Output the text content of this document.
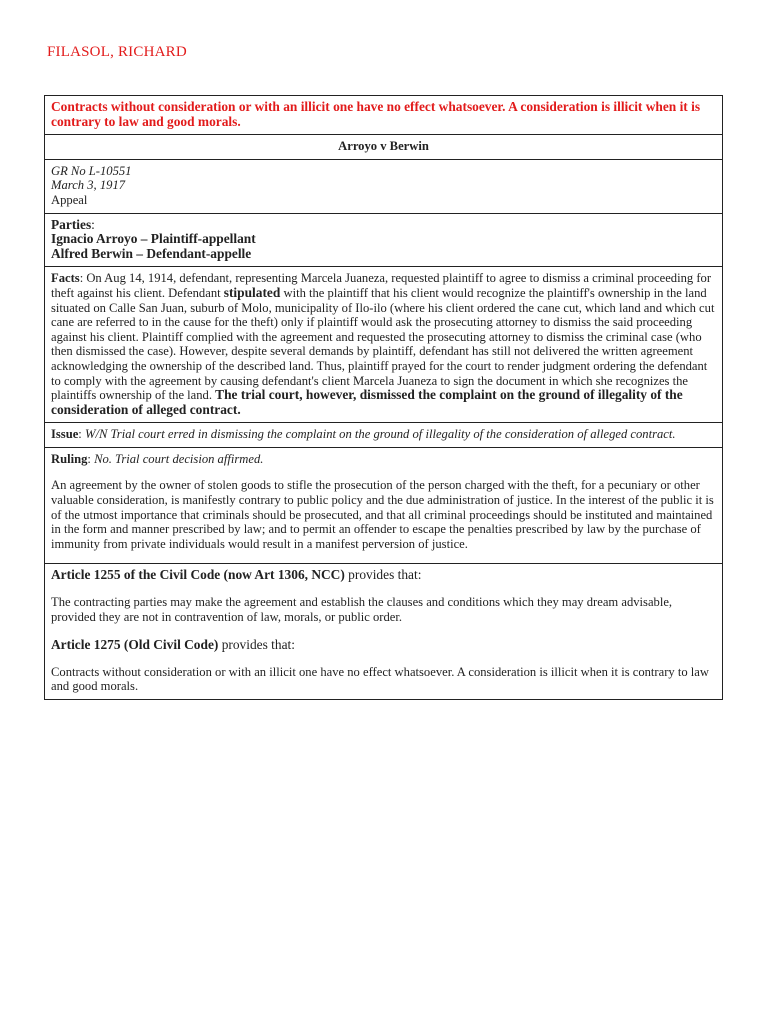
FILASOL, RICHARD
Contracts without consideration or with an illicit one have no effect whatsoever. A consideration is illicit when it is contrary to law and good morals.
Arroyo v Berwin

GR No L-10551

March 3, 1917

Appeal

Parties:

Ignacio Arroyo – Plaintiff-appellant

Alfred Berwin – Defendant-appelle

Facts: On Aug 14, 1914, defendant, representing Marcela Juaneza, requested plaintiff to agree to dismiss a criminal proceeding for theft against his client. Defendant stipulated with the plaintiff that his client would recognize the plaintiff's ownership in the land situated on Calle San Juan, suburb of Molo, municipality of Ilo-ilo (where his client ordered the cane cut, which land and which cut cane are referred to in the cause for the theft) only if plaintiff would ask the prosecuting attorney to dismiss the said proceeding against his client. Plaintiff complied with the agreement and requested the prosecuting attorney to dismiss the criminal case (who then dismissed the case). However, despite several demands by plaintiff, defendant has still not delivered the written agreement acknowledging the ownership of the described land. Thus, plaintiff prayed for the court to render judgment ordering the defendant to comply with the agreement by causing defendant's client Marcela Juaneza to sign the document in which she recognizes the plaintiffs ownership of the land. The trial court, however, dismissed the complaint on the ground of illegality of the consideration of alleged contract.

Issue: W/N Trial court erred in dismissing the complaint on the ground of illegality of the consideration of alleged contract.

Ruling: No. Trial court decision affirmed.

An agreement by the owner of stolen goods to stifle the prosecution of the person charged with the theft, for a pecuniary or other valuable consideration, is manifestly contrary to public policy and the due administration of justice. In the interest of the public it is of the utmost importance that criminals should be prosecuted, and that all criminal proceedings should be instituted and maintained in the form and manner prescribed by law; and to permit an offender to escape the penalties prescribed by law by the purchase of immunity from private individuals would result in a manifest perversion of justice.

Article 1255 of the Civil Code (now Art 1306, NCC) provides that:

The contracting parties may make the agreement and establish the clauses and conditions which they may dream advisable, provided they are not in contravention of law, morals, or public order.

Article 1275 (Old Civil Code) provides that:

Contracts without consideration or with an illicit one have no effect whatsoever. A consideration is illicit when it is contrary to law and good morals.
